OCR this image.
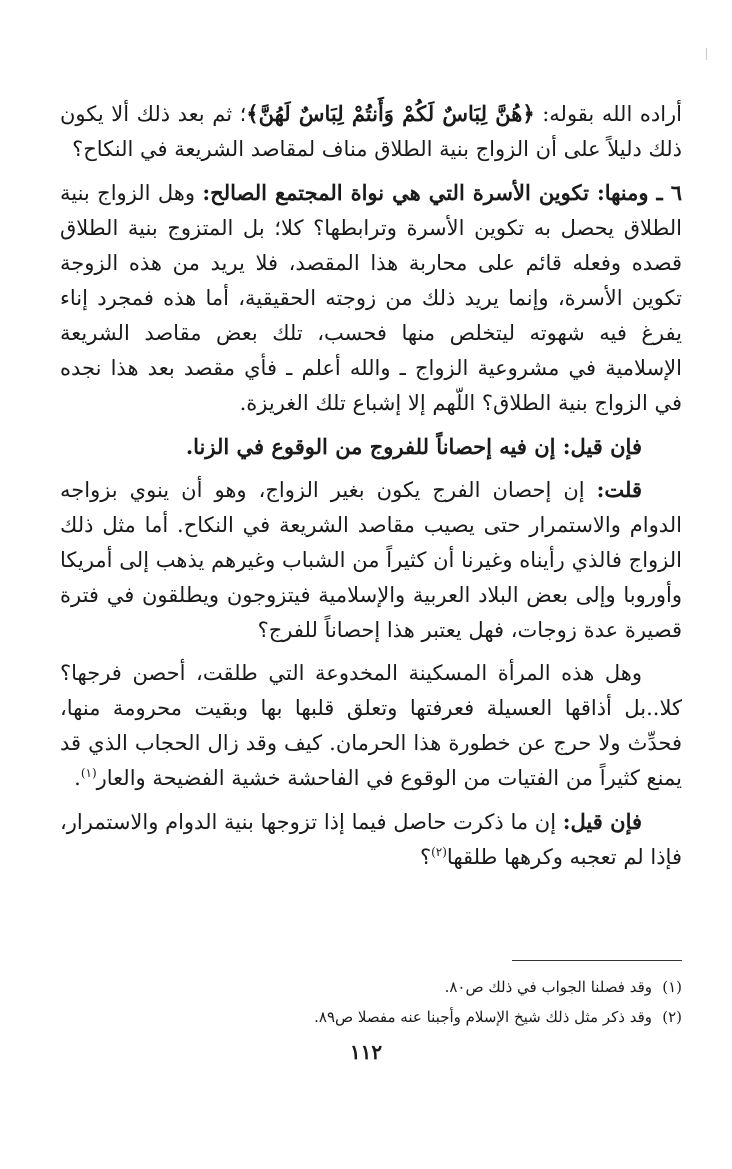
أراده الله بقوله: ﴿هُنَّ لِبَاسٌ لَكُمْ وَأَنتُمْ لِبَاسٌ لَهُنَّ﴾؛ ثم بعد ذلك ألا يكون ذلك دليلاً على أن الزواج بنية الطلاق مناف لمقاصد الشريعة في النكاح؟

٦ ـ ومنها: تكوين الأسرة التي هي نواة المجتمع الصالح: وهل الزواج بنية الطلاق يحصل به تكوين الأسرة وترابطها؟ كلا؛ بل المتزوج بنية الطلاق قصده وفعله قائم على محاربة هذا المقصد، فلا يريد من هذه الزوجة تكوين الأسرة، وإنما يريد ذلك من زوجته الحقيقية، أما هذه فمجرد إناء يفرغ فيه شهوته ليتخلص منها فحسب، تلك بعض مقاصد الشريعة الإسلامية في مشروعية الزواج ـ والله أعلم ـ فأي مقصد بعد هذا نجده في الزواج بنية الطلاق؟ اللّهم إلا إشباع تلك الغريزة.

فإن قيل: إن فيه إحصاناً للفروج من الوقوع في الزنا.

قلت: إن إحصان الفرج يكون بغير الزواج، وهو أن ينوي بزواجه الدوام والاستمرار حتى يصيب مقاصد الشريعة في النكاح. أما مثل ذلك الزواج فالذي رأيناه وغيرنا أن كثيراً من الشباب وغيرهم يذهب إلى أمريكا وأوروبا وإلى بعض البلاد العربية والإسلامية فيتزوجون ويطلقون في فترة قصيرة عدة زوجات، فهل يعتبر هذا إحصاناً للفرج؟

وهل هذه المرأة المسكينة المخدوعة التي طلقت، أحصن فرجها؟ كلا..بل أذاقها العسيلة فعرفتها وتعلق قلبها بها وبقيت محرومة منها، فحدِّث ولا حرج عن خطورة هذا الحرمان. كيف وقد زال الحجاب الذي قد يمنع كثيراً من الفتيات من الوقوع في الفاحشة خشية الفضيحة والعار$^{(١)}$.

فإن قيل: إن ما ذكرت حاصل فيما إذا تزوجها بنية الدوام والاستمرار، فإذا لم تعجبه وكرهها طلقها$^{(٢)}$؟

(١)وقد فصلنا الجواب في ذلك ص٨٠.

(٢)وقد ذكر مثل ذلك شيخ الإسلام وأجبنا عنه مفصلا ص٨٩.

١١٢
